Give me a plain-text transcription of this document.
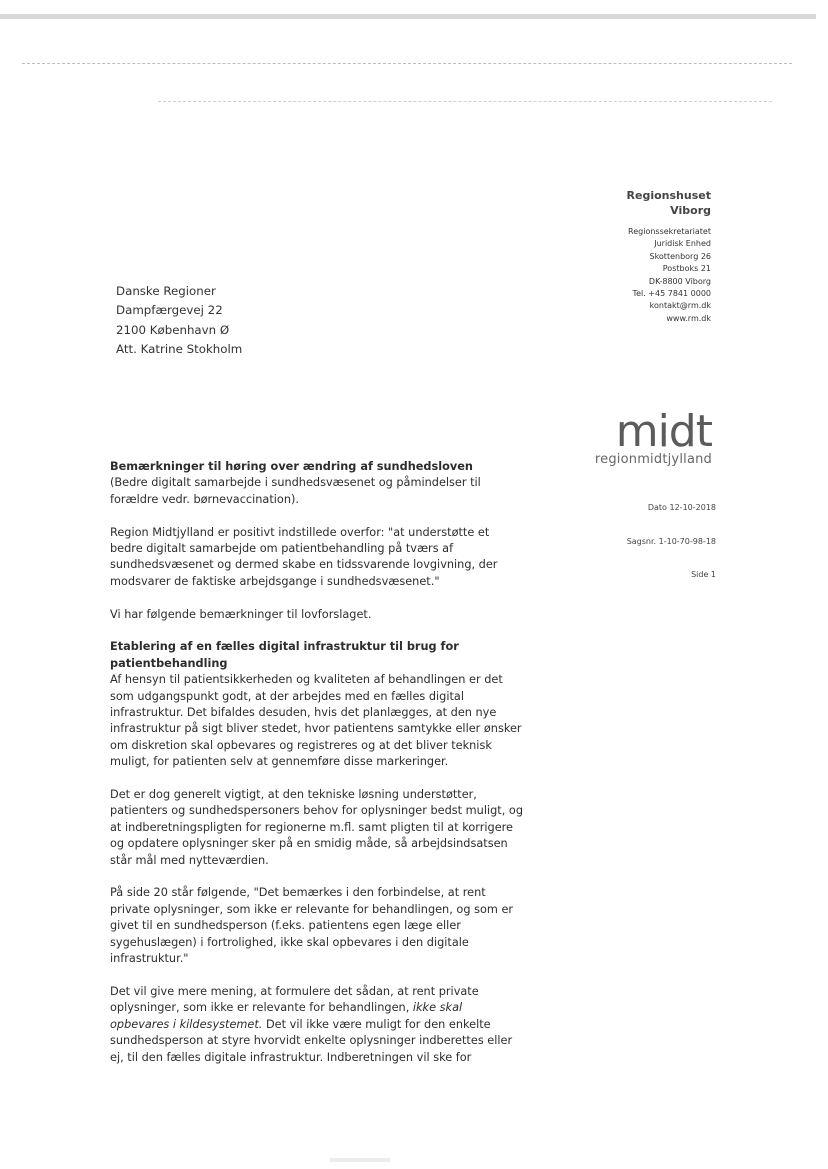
Regionshuset
Viborg
Regionssekretariatet
Juridisk Enhed
Skottenborg 26
Postboks 21
DK-8800 Viborg
Tel. +45 7841 0000
kontakt@rm.dk
www.rm.dk
Danske Regioner
Dampfærgevej 22
2100 København Ø
Att. Katrine Stokholm
midt
regionmidtjylland
Dato 12-10-2018
Sagsnr. 1-10-70-98-18
Side 1
Bemærkninger til høring over ændring af sundhedsloven

(Bedre digitalt samarbejde i sundhedsvæsenet og påmindelser til forældre vedr. børnevaccination).

Region Midtjylland er positivt indstillede overfor: "at understøtte et bedre digitalt samarbejde om patientbehandling på tværs af sundhedsvæsenet og dermed skabe en tidssvarende lovgivning, der modsvarer de faktiske arbejdsgange i sundhedsvæsenet."

Vi har følgende bemærkninger til lovforslaget.

Etablering af en fælles digital infrastruktur til brug for patientbehandling

Af hensyn til patientsikkerheden og kvaliteten af behandlingen er det som udgangspunkt godt, at der arbejdes med en fælles digital infrastruktur. Det bifaldes desuden, hvis det planlægges, at den nye infrastruktur på sigt bliver stedet, hvor patientens samtykke eller ønsker om diskretion skal opbevares og registreres og at det bliver teknisk muligt, for patienten selv at gennemføre disse markeringer.

Det er dog generelt vigtigt, at den tekniske løsning understøtter, patienters og sundhedspersoners behov for oplysninger bedst muligt, og at indberetningspligten for regionerne m.fl. samt pligten til at korrigere og opdatere oplysninger sker på en smidig måde, så arbejdsindsatsen står mål med nytteværdien.

På side 20 står følgende, "Det bemærkes i den forbindelse, at rent private oplysninger, som ikke er relevante for behandlingen, og som er givet til en sundhedsperson (f.eks. patientens egen læge eller sygehuslægen) i fortrolighed, ikke skal opbevares i den digitale infrastruktur."

Det vil give mere mening, at formulere det sådan, at rent private oplysninger, som ikke er relevante for behandlingen, ikke skal opbevares i kildesystemet. Det vil ikke være muligt for den enkelte sundhedsperson at styre hvorvidt enkelte oplysninger indberettes eller ej, til den fælles digitale infrastruktur. Indberetningen vil ske for
